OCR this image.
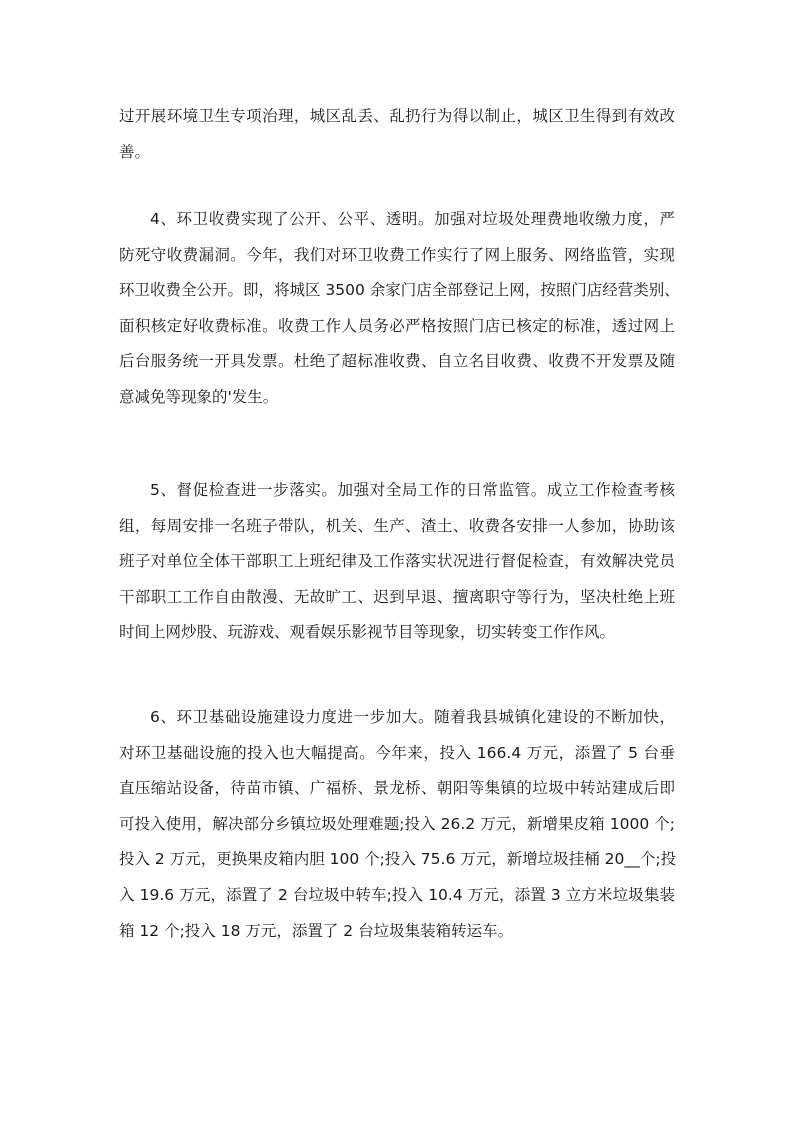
过开展环境卫生专项治理，城区乱丢、乱扔行为得以制止，城区卫生得到有效改
善。
4、环卫收费实现了公开、公平、透明。加强对垃圾处理费地收缴力度，严
防死守收费漏洞。今年，我们对环卫收费工作实行了网上服务、网络监管，实现
环卫收费全公开。即，将城区 3500 余家门店全部登记上网，按照门店经营类别、
面积核定好收费标准。收费工作人员务必严格按照门店已核定的标准，透过网上
后台服务统一开具发票。杜绝了超标准收费、自立名目收费、收费不开发票及随
意减免等现象的'发生。
5、督促检查进一步落实。加强对全局工作的日常监管。成立工作检查考核
组，每周安排一名班子带队，机关、生产、渣土、收费各安排一人参加，协助该
班子对单位全体干部职工上班纪律及工作落实状况进行督促检查，有效解决党员
干部职工工作自由散漫、无故旷工、迟到早退、擅离职守等行为，坚决杜绝上班
时间上网炒股、玩游戏、观看娱乐影视节目等现象，切实转变工作作风。
6、环卫基础设施建设力度进一步加大。随着我县城镇化建设的不断加快，
对环卫基础设施的投入也大幅提高。今年来，投入 166.4 万元，添置了 5 台垂
直压缩站设备，待苗市镇、广福桥、景龙桥、朝阳等集镇的垃圾中转站建成后即
可投入使用，解决部分乡镇垃圾处理难题;投入 26.2 万元，新增果皮箱 1000 个;
投入 2 万元，更换果皮箱内胆 100 个;投入 75.6 万元，新增垃圾挂桶 20__个;投
入 19.6 万元，添置了 2 台垃圾中转车;投入 10.4 万元，添置 3 立方米垃圾集装
箱 12 个;投入 18 万元，添置了 2 台垃圾集装箱转运车。
